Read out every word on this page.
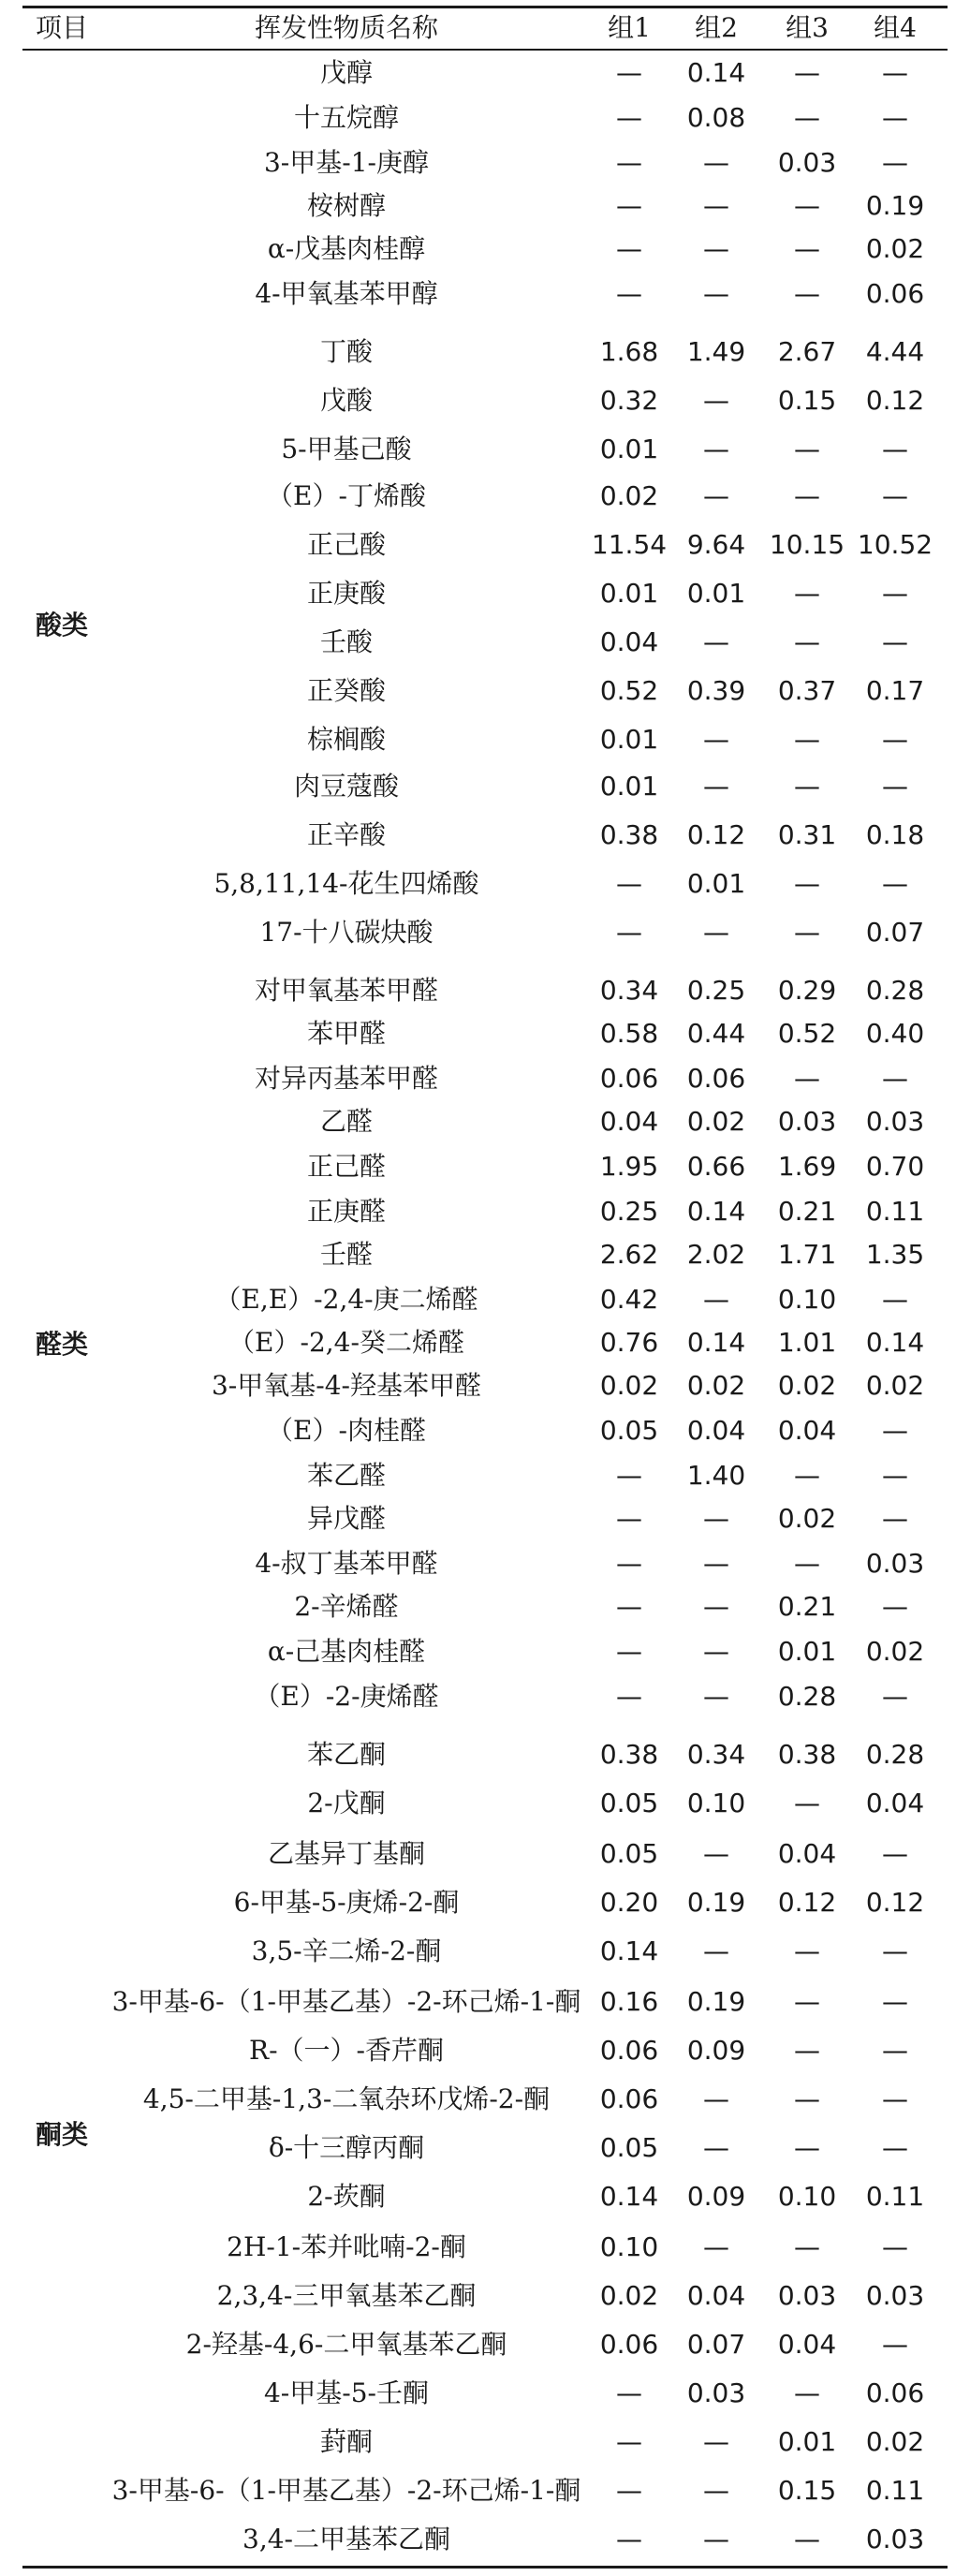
项目	挥发性物质名称	组1 组2 组3 组4
戊醇	— 0.14 — —
十五烷醇	— 0.08 — —
3-甲基-1-庚醇	— — 0.03 —
桉树醇	— — — 0.19
α-戊基肉桂醇	— — — 0.02
4-甲氧基苯甲醇	— — — 0.06
酸类
丁酸	1.68 1.49 2.67 4.44
戊酸	0.32 — 0.15 0.12
5-甲基己酸	0.01 — — —
（E）-丁烯酸	0.02 — — —
正己酸	11.54 9.64 10.15 10.52
正庚酸	0.01 0.01 — —
壬酸	0.04 — — —
正癸酸	0.52 0.39 0.37 0.17
棕榈酸	0.01 — — —
肉豆蔻酸	0.01 — — —
正辛酸	0.38 0.12 0.31 0.18
5,8,11,14-花生四烯酸	— 0.01 — —
17-十八碳炔酸	— — — 0.07
醛类
对甲氧基苯甲醛	0.34 0.25 0.29 0.28
苯甲醛	0.58 0.44 0.52 0.40
对异丙基苯甲醛	0.06 0.06 — —
乙醛	0.04 0.02 0.03 0.03
正己醛	1.95 0.66 1.69 0.70
正庚醛	0.25 0.14 0.21 0.11
壬醛	2.62 2.02 1.71 1.35
（E,E）-2,4-庚二烯醛	0.42 — 0.10 —
（E）-2,4-癸二烯醛	0.76 0.14 1.01 0.14
3-甲氧基-4-羟基苯甲醛	0.02 0.02 0.02 0.02
（E）-肉桂醛	0.05 0.04 0.04 —
苯乙醛	— 1.40 — —
异戊醛	— — 0.02 —
4-叔丁基苯甲醛	— — — 0.03
2-辛烯醛	— — 0.21 —
α-己基肉桂醛	— — 0.01 0.02
（E）-2-庚烯醛	— — 0.28 —
酮类
苯乙酮	0.38 0.34 0.38 0.28
2-戊酮	0.05 0.10 — 0.04
乙基异丁基酮	0.05 — 0.04 —
6-甲基-5-庚烯-2-酮	0.20 0.19 0.12 0.12
3,5-辛二烯-2-酮	0.14 — — —
3-甲基-6-（1-甲基乙基）-2-环己烯-1-酮 0.16 0.19 — —
R-（一）-香芹酮	0.06 0.09 — —
4,5-二甲基-1,3-二氧杂环戊烯-2-酮 0.06 — — —
δ-十三醇丙酮	0.05 — — —
2-莰酮	0.14 0.09 0.10 0.11
2H-1-苯并吡喃-2-酮	0.10 — — —
2,3,4-三甲氧基苯乙酮	0.02 0.04 0.03 0.03
2-羟基-4,6-二甲氧基苯乙酮	0.06 0.07 0.04 —
4-甲基-5-壬酮	— 0.03 — 0.06
葑酮	— — 0.01 0.02
3-甲基-6-（1-甲基乙基）-2-环己烯-1-酮 — — 0.15 0.11
3,4-二甲基苯乙酮	— — — 0.03
